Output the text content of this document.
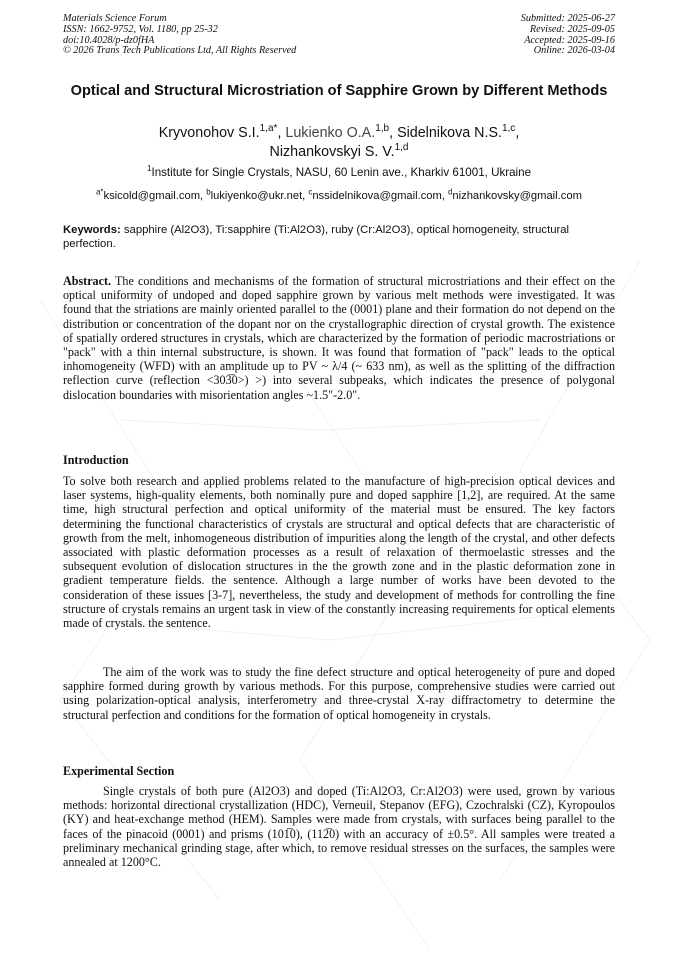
Materials Science Forum
ISSN: 1662-9752, Vol. 1180, pp 25-32
doi:10.4028/p-dz0fHA
© 2026 Trans Tech Publications Ltd, All Rights Reserved
Submitted: 2025-06-27
Revised: 2025-09-05
Accepted: 2025-09-16
Online: 2026-03-04
Optical and Structural Microstriation of Sapphire Grown by Different Methods
Kryvonohov S.I.$^{1,a*}$, Lukienko O.A.$^{1,b}$, Sidelnikova N.S.$^{1,c}$,
Nizhankovskyi S. V.$^{1,d}$
$^1$Institute for Single Crystals, NASU, 60 Lenin ave., Kharkiv 61001, Ukraine
$^{a*}$ksicold@gmail.com, $^b$lukiyenko@ukr.net, $^c$nssidelnikova@gmail.com, $^d$nizhankovsky@gmail.com
Keywords: sapphire (Al2O3), Ti:sapphire (Ti:Al2O3), ruby (Cr:Al2O3), optical homogeneity, structural perfection.
Abstract. The conditions and mechanisms of the formation of structural microstriations and their effect on the optical uniformity of undoped and doped sapphire grown by various melt methods were investigated. It was found that the striations are mainly oriented parallel to the (0001) plane and their formation do not depend on the distribution or concentration of the dopant nor on the crystallographic direction of crystal growth. The existence of spatially ordered structures in crystals, which are characterized by the formation of periodic macrostriations or "pack" with a thin internal substructure, is shown. It was found that formation of "pack" leads to the optical inhomogeneity (WFD) with an amplitude up to PV ~ λ/4 (~ 633 nm), as well as the splitting of the diffraction reflection curve (reflection <303̅0>) >) into several subpeaks, which indicates the presence of polygonal dislocation boundaries with misorientation angles ~1.5"-2.0".
Introduction
To solve both research and applied problems related to the manufacture of high-precision optical devices and laser systems, high-quality elements, both nominally pure and doped sapphire [1,2], are required. At the same time, high structural perfection and optical uniformity of the material must be ensured. The key factors determining the functional characteristics of crystals are structural and optical defects that are characteristic of growth from the melt, inhomogeneous distribution of impurities along the length of the crystal, and other defects associated with plastic deformation processes as a result of relaxation of thermoelastic stresses and the subsequent evolution of dislocation structures in the the growth zone and in the plastic deformation zone in gradient temperature fields. the sentence. Although a large number of works have been devoted to the consideration of these issues [3-7], nevertheless, the study and development of methods for controlling the fine structure of crystals remains an urgent task in view of the constantly increasing requirements for optical elements made of crystals. the sentence.
The aim of the work was to study the fine defect structure and optical heterogeneity of pure and doped sapphire formed during growth by various methods. For this purpose, comprehensive studies were carried out using polarization-optical analysis, interferometry and three-crystal X-ray diffractometry to determine the structural perfection and conditions for the formation of optical homogeneity in crystals.
Experimental Section
Single crystals of both pure (Al2O3) and doped (Ti:Al2O3, Cr:Al2O3) were used, grown by various methods: horizontal directional crystallization (HDC), Verneuil, Stepanov (EFG), Czochralski (CZ), Kyropoulos (KY) and heat-exchange method (HEM). Samples were made from crystals, with surfaces being parallel to the faces of the pinacoid (0001) and prisms (101̅0), (112̅0) with an accuracy of ±0.5°. All samples were treated a preliminary mechanical grinding stage, after which, to remove residual stresses on the surfaces, the samples were annealed at 1200°C.
